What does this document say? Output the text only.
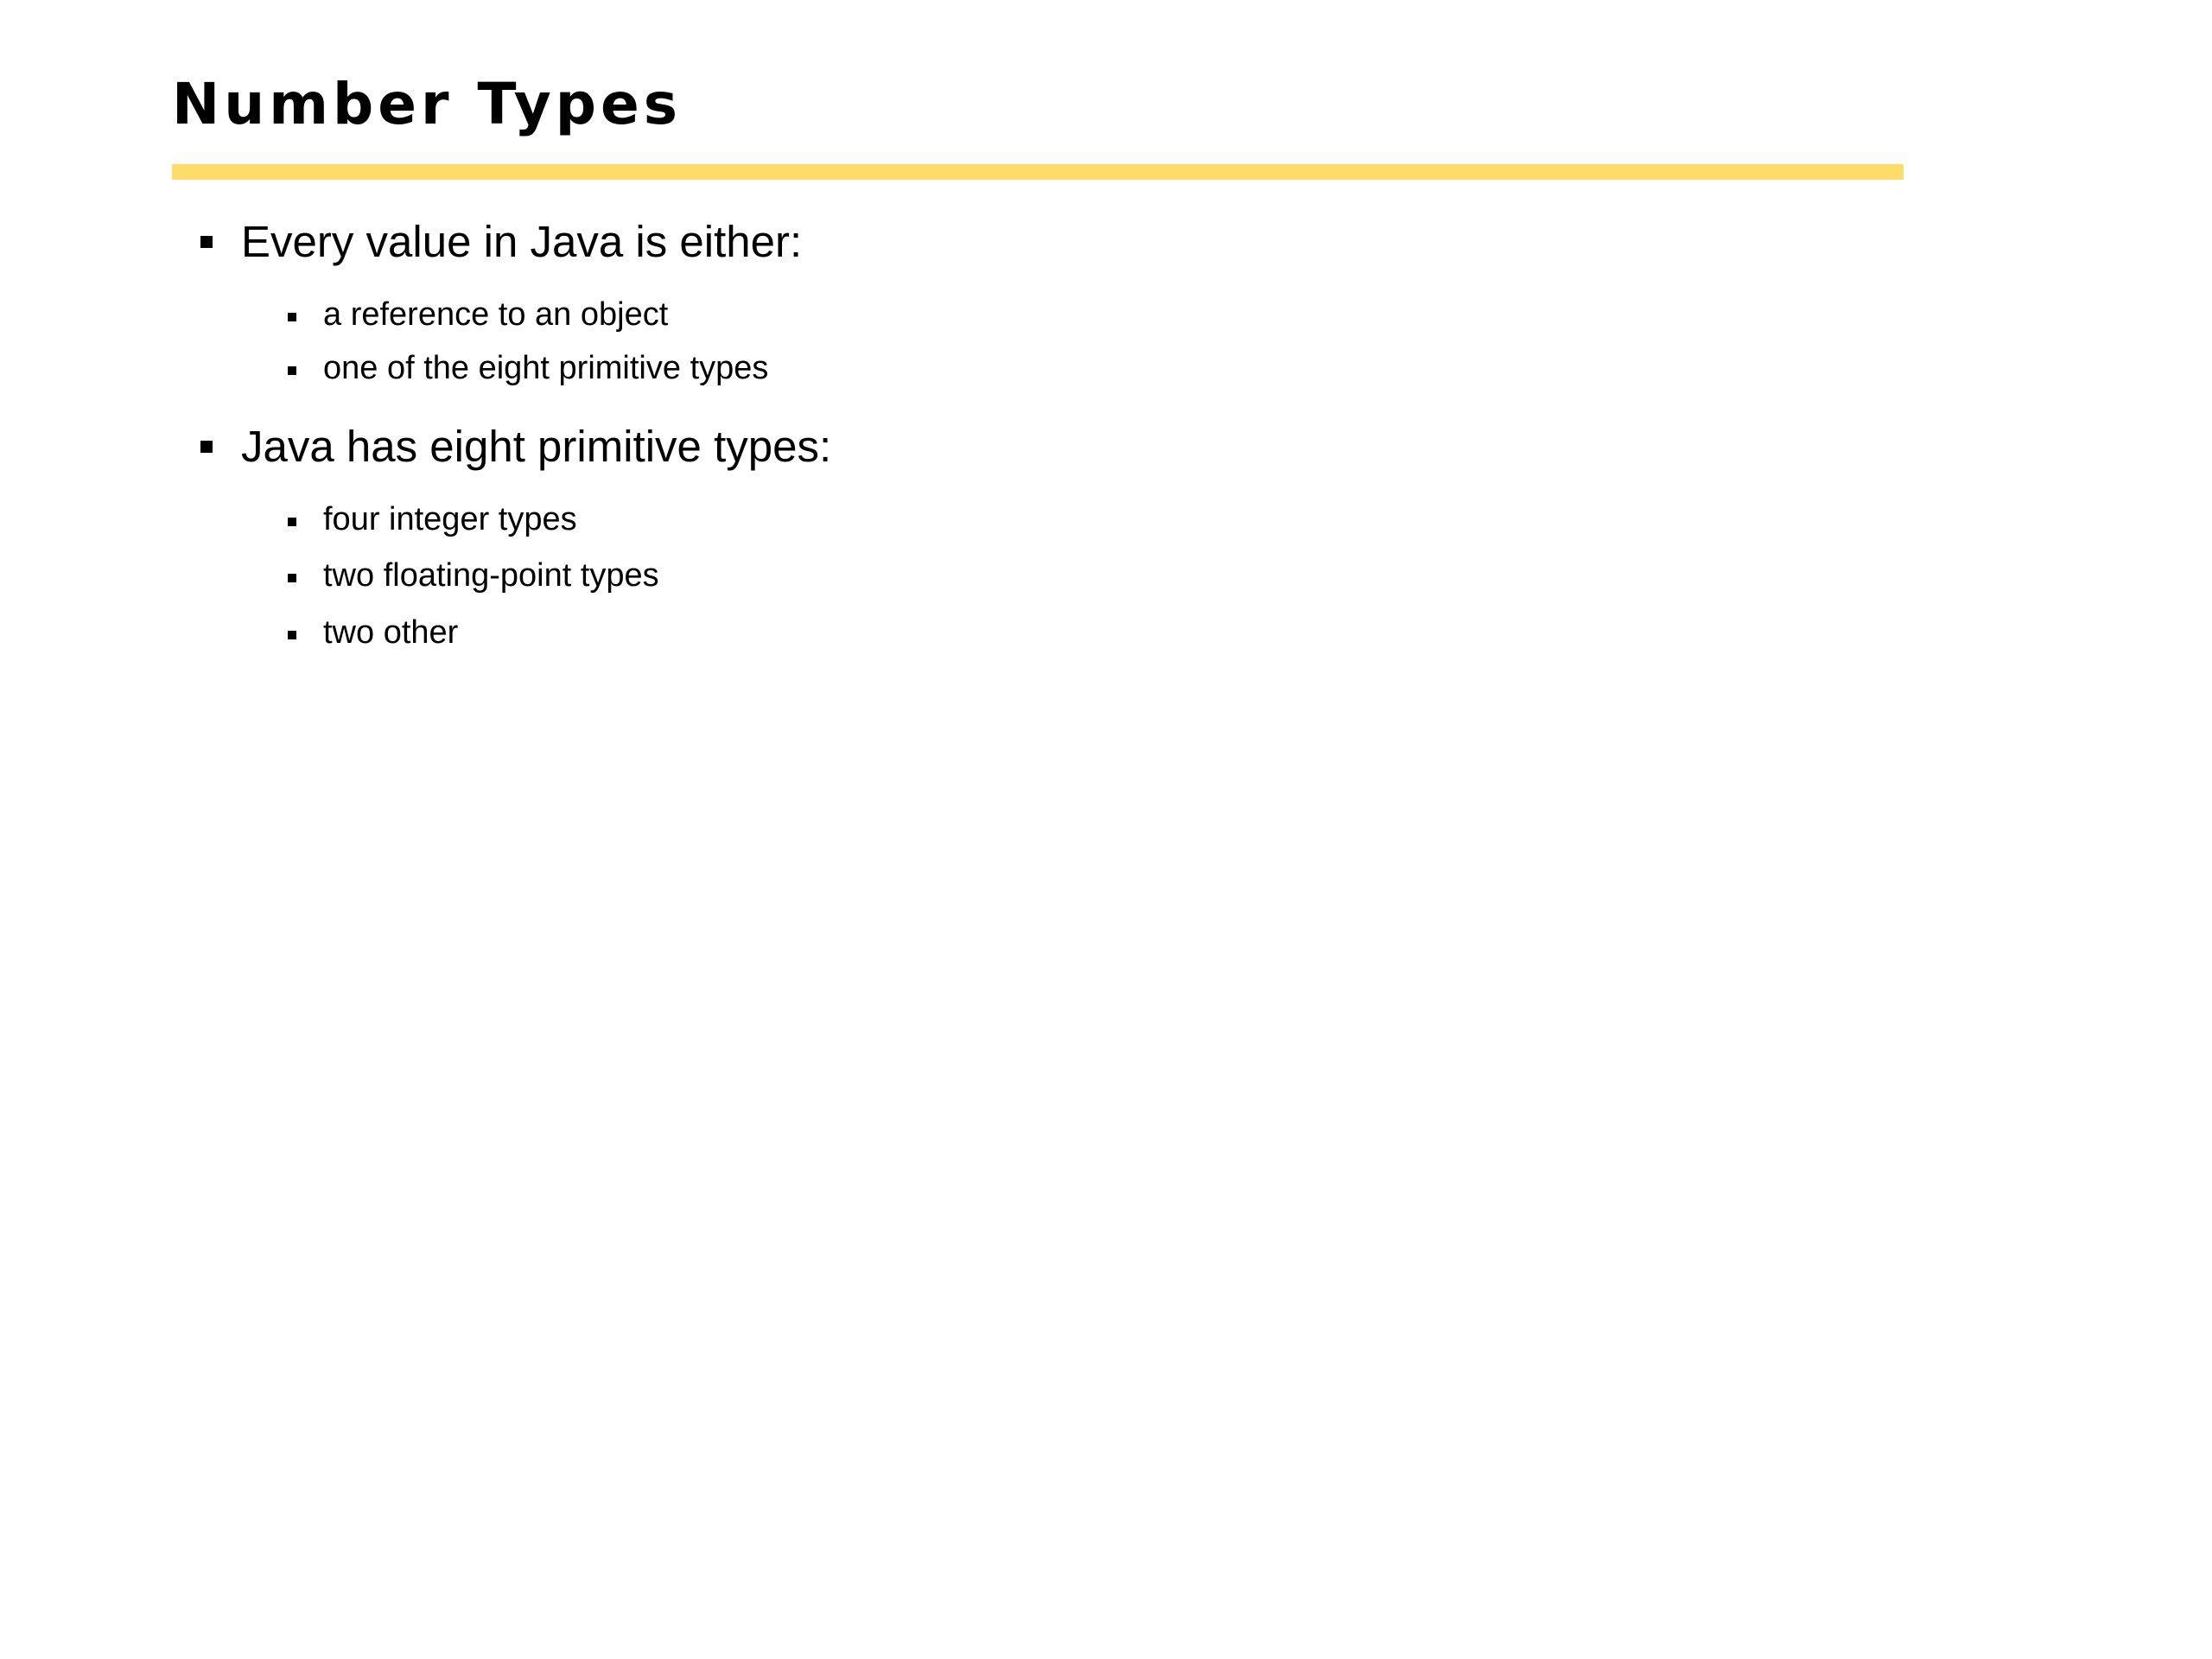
Number Types
Every value in Java is either:
a reference to an object
one of the eight primitive types
Java has eight primitive types:
four integer types
two floating-point types
two other
